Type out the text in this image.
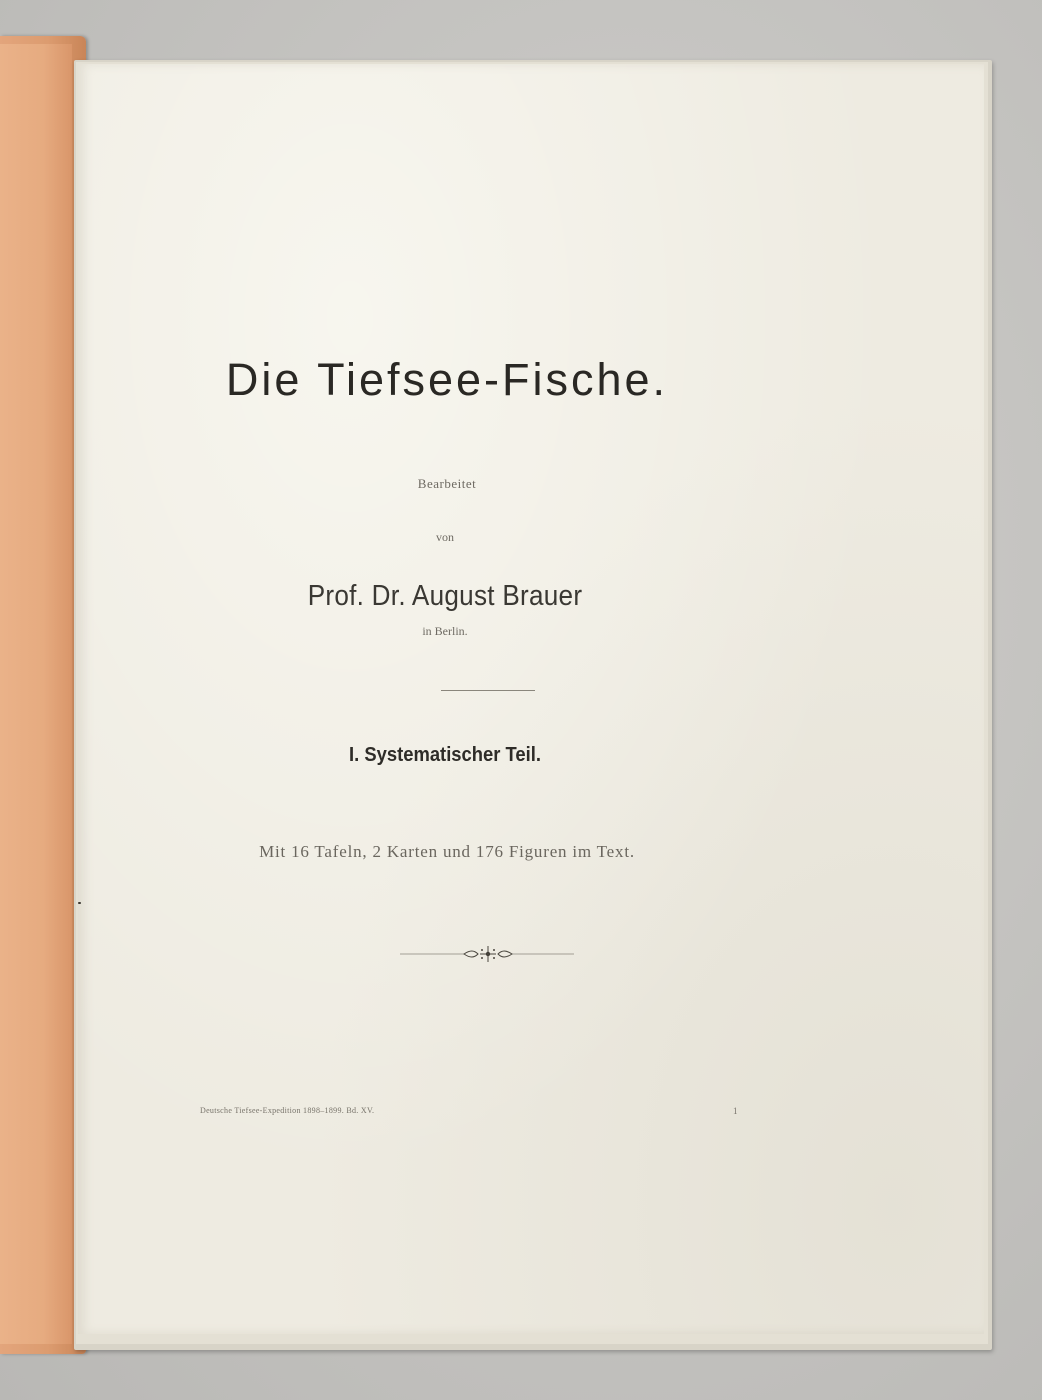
Die Tiefsee-Fische.
Bearbeitet
von
Prof. Dr. August Brauer
in Berlin.
I. Systematischer Teil.
Mit 16 Tafeln, 2 Karten und 176 Figuren im Text.
Deutsche Tiefsee-Expedition 1898–1899. Bd. XV.	1
